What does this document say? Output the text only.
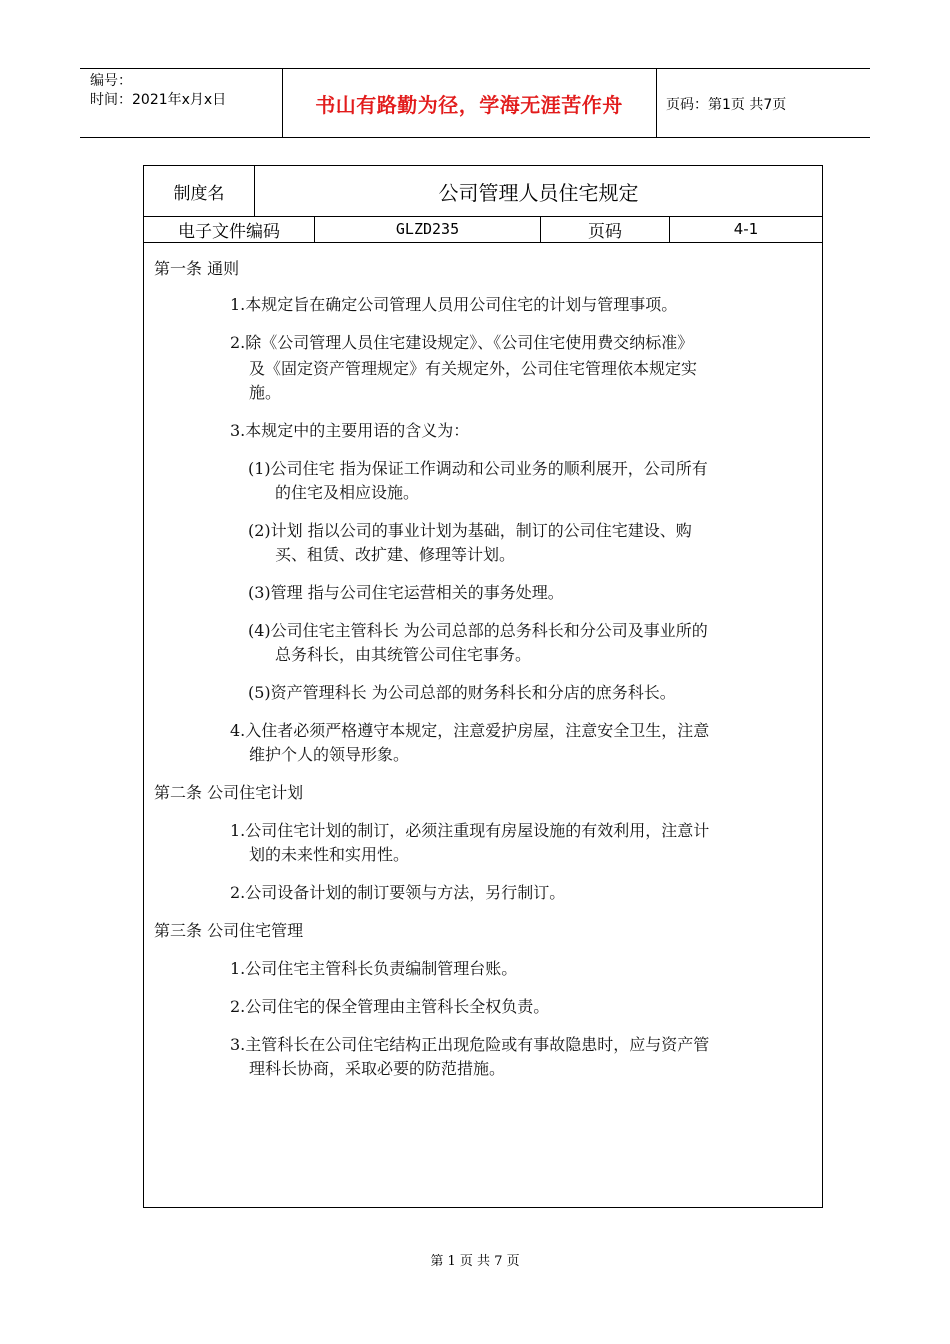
编号：
时间：2021年x月x日	书山有路勤为径，学海无涯苦作舟	页码：第1页 共7页
制度名	公司管理人员住宅规定
电子文件编码	GLZD235	页码	4-1
第一条 通则
1.本规定旨在确定公司管理人员用公司住宅的计划与管理事项。
2.除《公司管理人员住宅建设规定》、《公司住宅使用费交纳标准》
及《固定资产管理规定》有关规定外，公司住宅管理依本规定实
施。
3.本规定中的主要用语的含义为：
(1)公司住宅 指为保证工作调动和公司业务的顺利展开，公司所有
的住宅及相应设施。
(2)计划 指以公司的事业计划为基础，制订的公司住宅建设、购
买、租赁、改扩建、修理等计划。
(3)管理 指与公司住宅运营相关的事务处理。
(4)公司住宅主管科长 为公司总部的总务科长和分公司及事业所的
总务科长，由其统管公司住宅事务。
(5)资产管理科长 为公司总部的财务科长和分店的庶务科长。
4.入住者必须严格遵守本规定，注意爱护房屋，注意安全卫生，注意
维护个人的领导形象。
第二条 公司住宅计划
1.公司住宅计划的制订，必须注重现有房屋设施的有效利用，注意计
划的未来性和实用性。
2.公司设备计划的制订要领与方法，另行制订。
第三条 公司住宅管理
1.公司住宅主管科长负责编制管理台账。
2.公司住宅的保全管理由主管科长全权负责。
3.主管科长在公司住宅结构正出现危险或有事故隐患时，应与资产管
理科长协商，采取必要的防范措施。
第 1 页 共 7 页
